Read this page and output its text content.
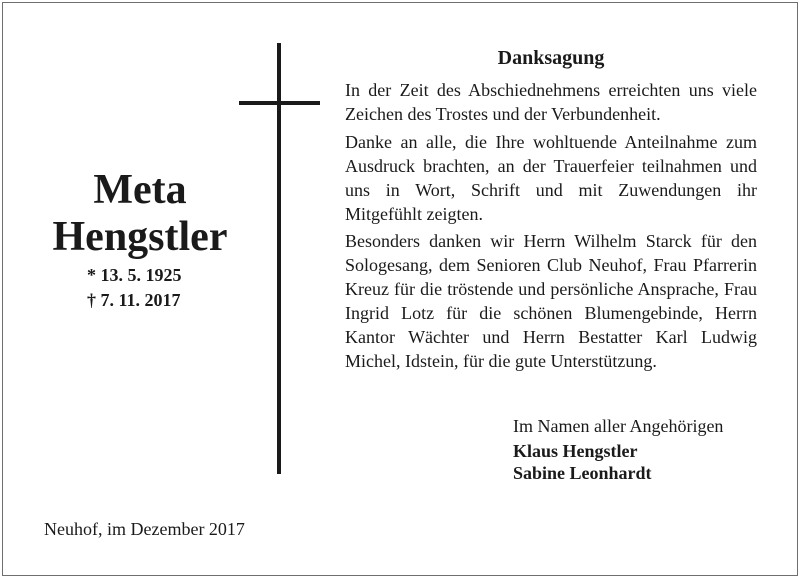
Meta
Hengstler
* 13. 5. 1925
† 7. 11. 2017
Danksagung

In der Zeit des Abschiednehmens erreichten uns viele Zeichen des Trostes und der Verbundenheit.

Danke an alle, die Ihre wohltuende Anteilnahme zum Ausdruck brachten, an der Trauerfeier teilnahmen und uns in Wort, Schrift und mit Zuwendungen ihr Mitgefühlt zeigten.

Besonders danken wir Herrn Wilhelm Starck für den Sologesang, dem Senioren Club Neuhof, Frau Pfarrerin Kreuz für die tröstende und persönliche Ansprache, Frau Ingrid Lotz für die schönen Blumengebinde, Herrn Kantor Wächter und Herrn Bestatter Karl Ludwig Michel, Idstein, für die gute Unterstützung.

Im Namen aller Angehörigen
Klaus Hengstler
Sabine Leonhardt
Neuhof, im Dezember 2017
